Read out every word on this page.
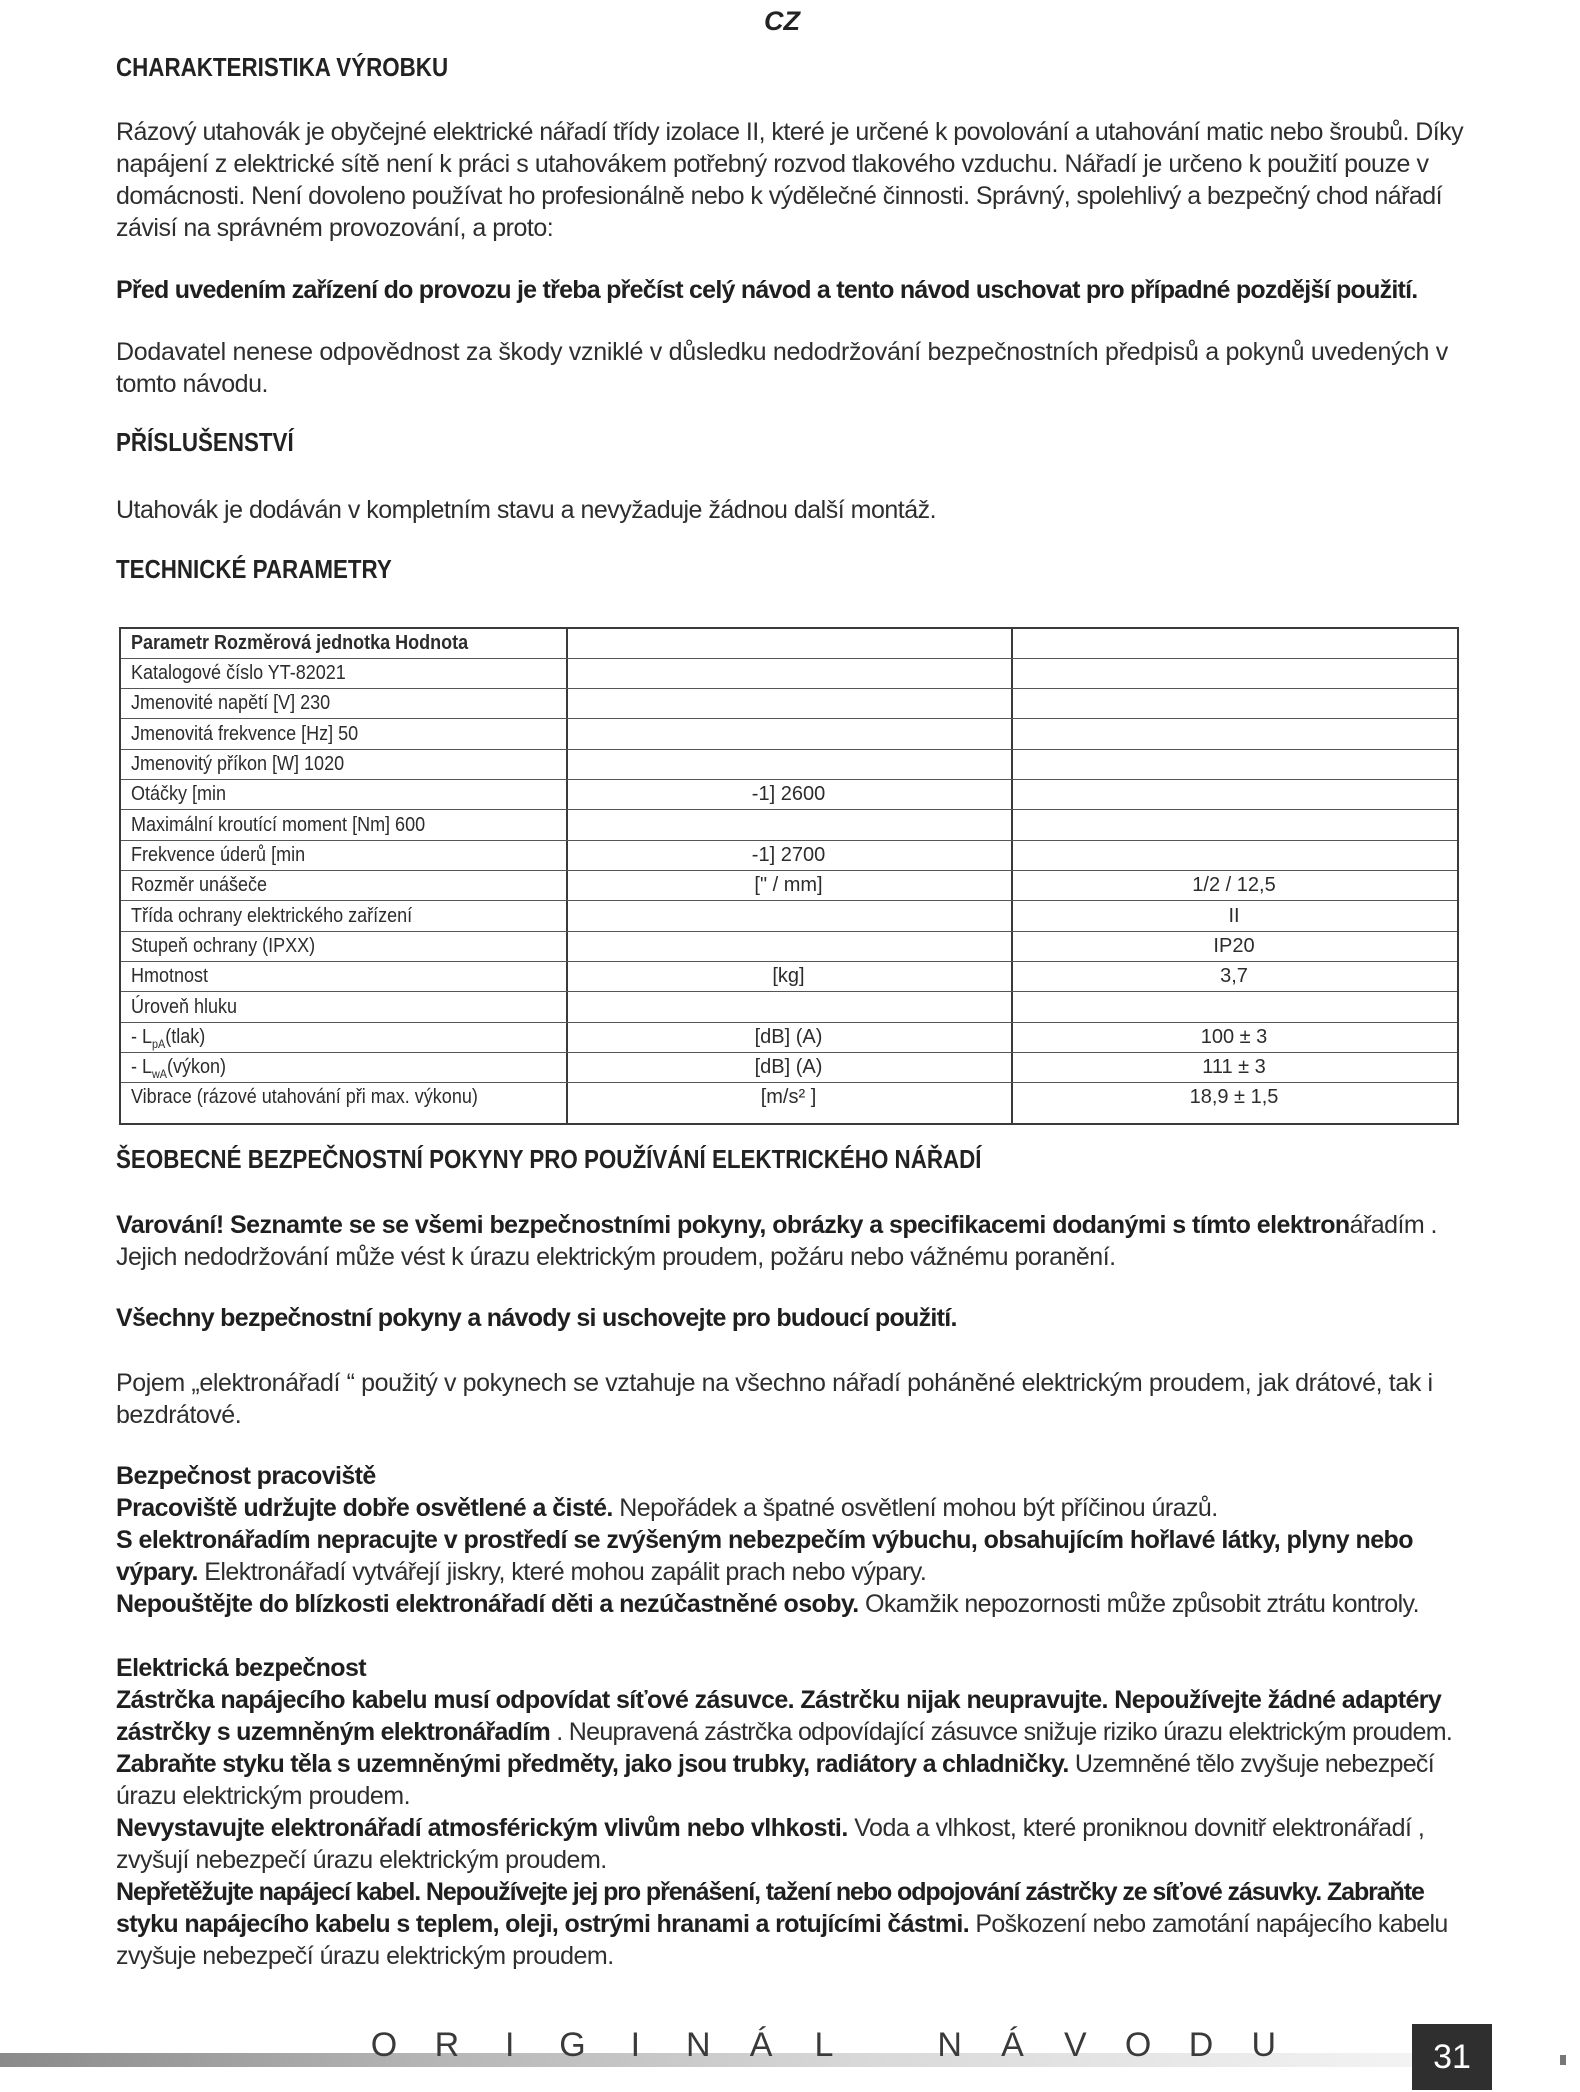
CZ
CHARAKTERISTIKA VÝROBKU
Rázový utahovák je obyčejné elektrické nářadí třídy izolace II, které je určené k povolování a utahování matic nebo šroubů. Díky
napájení z elektrické sítě není k práci s utahovákem potřebný rozvod tlakového vzduchu. Nářadí je určeno k použití pouze v
domácnosti. Není dovoleno používat ho profesionálně nebo k výdělečné činnosti. Správný, spolehlivý a bezpečný chod nářadí
závisí na správném provozování, a proto:
Před uvedením zařízení do provozu je třeba přečíst celý návod a tento návod uschovat pro případné pozdější použití.
Dodavatel nenese odpovědnost za škody vzniklé v důsledku nedodržování bezpečnostních předpisů a pokynů uvedených v
tomto návodu.
PŘÍSLUŠENSTVÍ
Utahovák je dodáván v kompletním stavu a nevyžaduje žádnou další montáž.
TECHNICKÉ PARAMETRY
Parametr Rozměrová jednotka Hodnota
Katalogové číslo YT-82021
Jmenovité napětí [V] 230
Jmenovitá frekvence [Hz] 50
Jmenovitý příkon [W] 1020
Otáčky [min	-1] 2600
Maximální kroutící moment [Nm] 600
Frekvence úderů [min	-1] 2700
Rozměr unášeče	[" / mm]	1/2 / 12,5
Třída ochrany elektrického zařízení	II
Stupeň ochrany (IPXX)	IP20
Hmotnost	[kg]	3,7
Úroveň hluku
- $L_{pA}(tlak)$	[dB] (A)	100 ± 3
- $L_{wA}(výkon)$	[dB] (A)	111 ± 3
Vibrace (rázové utahování při max. výkonu)	[m/s² ]	18,9 ± 1,5
ŠEOBECNÉ BEZPEČNOSTNÍ POKYNY PRO POUŽÍVÁNÍ ELEKTRICKÉHO NÁŘADÍ
Varování! Seznamte se se všemi bezpečnostními pokyny, obrázky a specifikacemi dodanými s tímto elektronářadím .
Jejich nedodržování může vést k úrazu elektrickým proudem, požáru nebo vážnému poranění.
Všechny bezpečnostní pokyny a návody si uschovejte pro budoucí použití.
Pojem „elektronářadí “ použitý v pokynech se vztahuje na všechno nářadí poháněné elektrickým proudem, jak drátové, tak i
bezdrátové.
Bezpečnost pracoviště
Pracoviště udržujte dobře osvětlené a čisté. Nepořádek a špatné osvětlení mohou být příčinou úrazů.
S elektronářadím nepracujte v prostředí se zvýšeným nebezpečím výbuchu, obsahujícím hořlavé látky, plyny nebo
výpary. Elektronářadí vytvářejí jiskry, které mohou zapálit prach nebo výpary.
Nepouštějte do blízkosti elektronářadí děti a nezúčastněné osoby. Okamžik nepozornosti může způsobit ztrátu kontroly.
Elektrická bezpečnost
Zástrčka napájecího kabelu musí odpovídat síťové zásuvce. Zástrčku nijak neupravujte. Nepoužívejte žádné adaptéry
zástrčky s uzemněným elektronářadím . Neupravená zástrčka odpovídající zásuvce snižuje riziko úrazu elektrickým proudem.
Zabraňte styku těla s uzemněnými předměty, jako jsou trubky, radiátory a chladničky. Uzemněné tělo zvyšuje nebezpečí
úrazu elektrickým proudem.
Nevystavujte elektronářadí atmosférickým vlivům nebo vlhkosti. Voda a vlhkost, které proniknou dovnitř elektronářadí ,
zvyšují nebezpečí úrazu elektrickým proudem.
Nepřetěžujte napájecí kabel. Nepoužívejte jej pro přenášení, tažení nebo odpojování zástrčky ze síťové zásuvky. Zabraňte
styku napájecího kabelu s teplem, oleji, ostrými hranami a rotujícími částmi. Poškození nebo zamotání napájecího kabelu
zvyšuje nebezpečí úrazu elektrickým proudem.
O R	I	G	I	N Á	L	N Á V O D U	31
